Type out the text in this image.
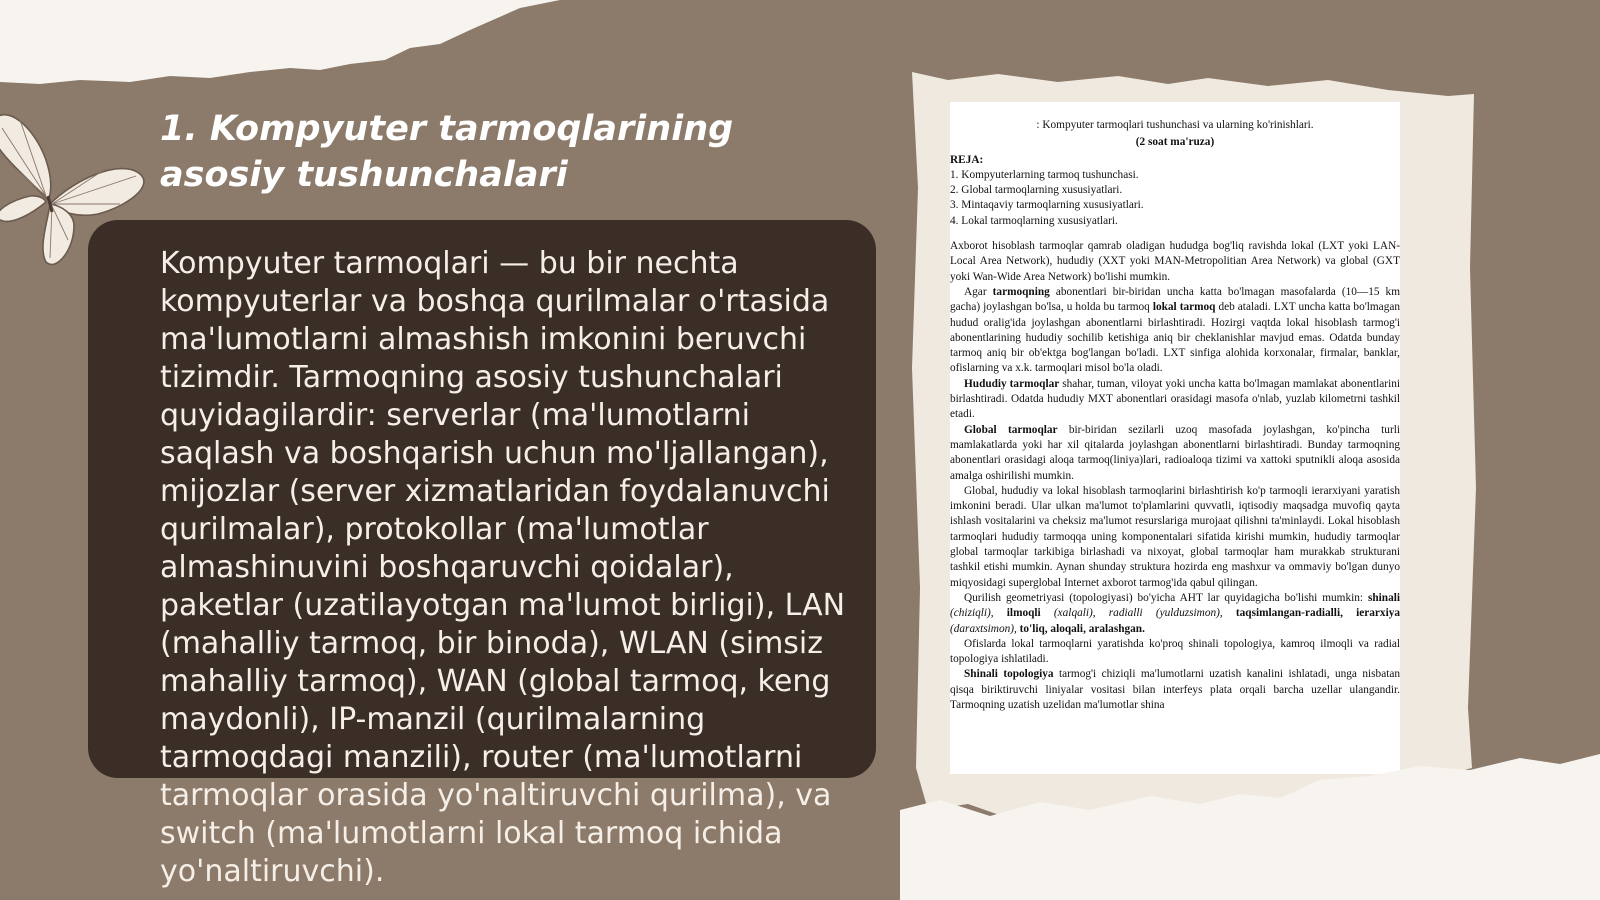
1. Kompyuter tarmoqlarining asosiy tushunchalari

Kompyuter tarmoqlari — bu bir nechta kompyuterlar va boshqa qurilmalar o'rtasida ma'lumotlarni almashish imkonini beruvchi tizimdir. Tarmoqning asosiy tushunchalari quyidagilardir: serverlar (ma'lumotlarni saqlash va boshqarish uchun mo'ljallangan), mijozlar (server xizmatlaridan foydalanuvchi qurilmalar), protokollar (ma'lumotlar almashinuvini boshqaruvchi qoidalar), paketlar (uzatilayotgan ma'lumot birligi), LAN (mahalliy tarmoq, bir binoda), WLAN (simsiz mahalliy tarmoq), WAN (global tarmoq, keng maydonli), IP-manzil (qurilmalarning tarmoqdagi manzili), router (ma'lumotlarni tarmoqlar orasida yo'naltiruvchi qurilma), va switch (ma'lumotlarni lokal tarmoq ichida yo'naltiruvchi).

: Kompyuter tarmoqlari tushunchasi va ularning ko'rinishlari.

(2 soat ma'ruza)

REJA:

1. Kompyuterlarning tarmoq tushunchasi.
2. Global tarmoqlarning xususiyatlari.
3. Mintaqaviy tarmoqlarning xususiyatlari.
4. Lokal tarmoqlarning xususiyatlari.

Axborot hisoblash tarmoqlar qamrab oladigan hududga bog'liq ravishda lokal (LXT yoki LAN-Local Area Network), hududiy (XXT yoki MAN-Metropolitian Area Network) va global (GXT yoki Wan-Wide Area Network) bo'lishi mumkin.

Agar tarmoqning abonentlari bir-biridan uncha katta bo'lmagan masofalarda (10—15 km gacha) joylashgan bo'lsa, u holda bu tarmoq lokal tarmoq deb ataladi. LXT uncha katta bo'lmagan hudud oralig'ida joylashgan abonentlarni birlashtiradi. Hozirgi vaqtda lokal hisoblash tarmog'i abonentlarining hududiy sochilib ketishiga aniq bir cheklanishlar mavjud emas. Odatda bunday tarmoq aniq bir ob'ektga bog'langan bo'ladi. LXT sinfiga alohida korxonalar, firmalar, banklar, ofislarning va x.k. tarmoqlari misol bo'la oladi.

Hududiy tarmoqlar shahar, tuman, viloyat yoki uncha katta bo'lmagan mamlakat abonentlarini birlashtiradi. Odatda hududiy MXT abonentlari orasidagi masofa o'nlab, yuzlab kilometrni tashkil etadi.

Global tarmoqlar bir-biridan sezilarli uzoq masofada joylashgan, ko'pincha turli mamlakatlarda yoki har xil qitalarda joylashgan abonentlarni birlashtiradi. Bunday tarmoqning abonentlari orasidagi aloqa tarmoq(liniya)lari, radioaloqa tizimi va xattoki sputnikli aloqa asosida amalga oshirilishi mumkin.

Global, hududiy va lokal hisoblash tarmoqlarini birlashtirish ko'p tarmoqli ierarxiyani yaratish imkonini beradi. Ular ulkan ma'lumot to'plamlarini quvvatli, iqtisodiy maqsadga muvofiq qayta ishlash vositalarini va cheksiz ma'lumot resurslariga murojaat qilishni ta'minlaydi. Lokal hisoblash tarmoqlari hududiy tarmoqqa uning komponentalari sifatida kirishi mumkin, hududiy tarmoqlar global tarmoqlar tarkibiga birlashadi va nixoyat, global tarmoqlar ham murakkab strukturani tashkil etishi mumkin. Aynan shunday struktura hozirda eng mashxur va ommaviy bo'lgan dunyo miqyosidagi superglobal Internet axborot tarmog'ida qabul qilingan.

Qurilish geometriyasi (topologiyasi) bo'yicha AHT lar quyidagicha bo'lishi mumkin: shinali (chiziqli), ilmoqli (xalqali), radialli (yulduzsimon), taqsimlangan-radialli, ierarxiya (daraxtsimon), to'liq, aloqali, aralashgan.

Ofislarda lokal tarmoqlarni yaratishda ko'proq shinali topologiya, kamroq ilmoqli va radial topologiya ishlatiladi.

Shinali topologiya tarmog'i chiziqli ma'lumotlarni uzatish kanalini ishlatadi, unga nisbatan qisqa biriktiruvchi liniyalar vositasi bilan interfeys plata orqali barcha uzellar ulangandir. Tarmoqning uzatish uzelidan ma'lumotlar shina
